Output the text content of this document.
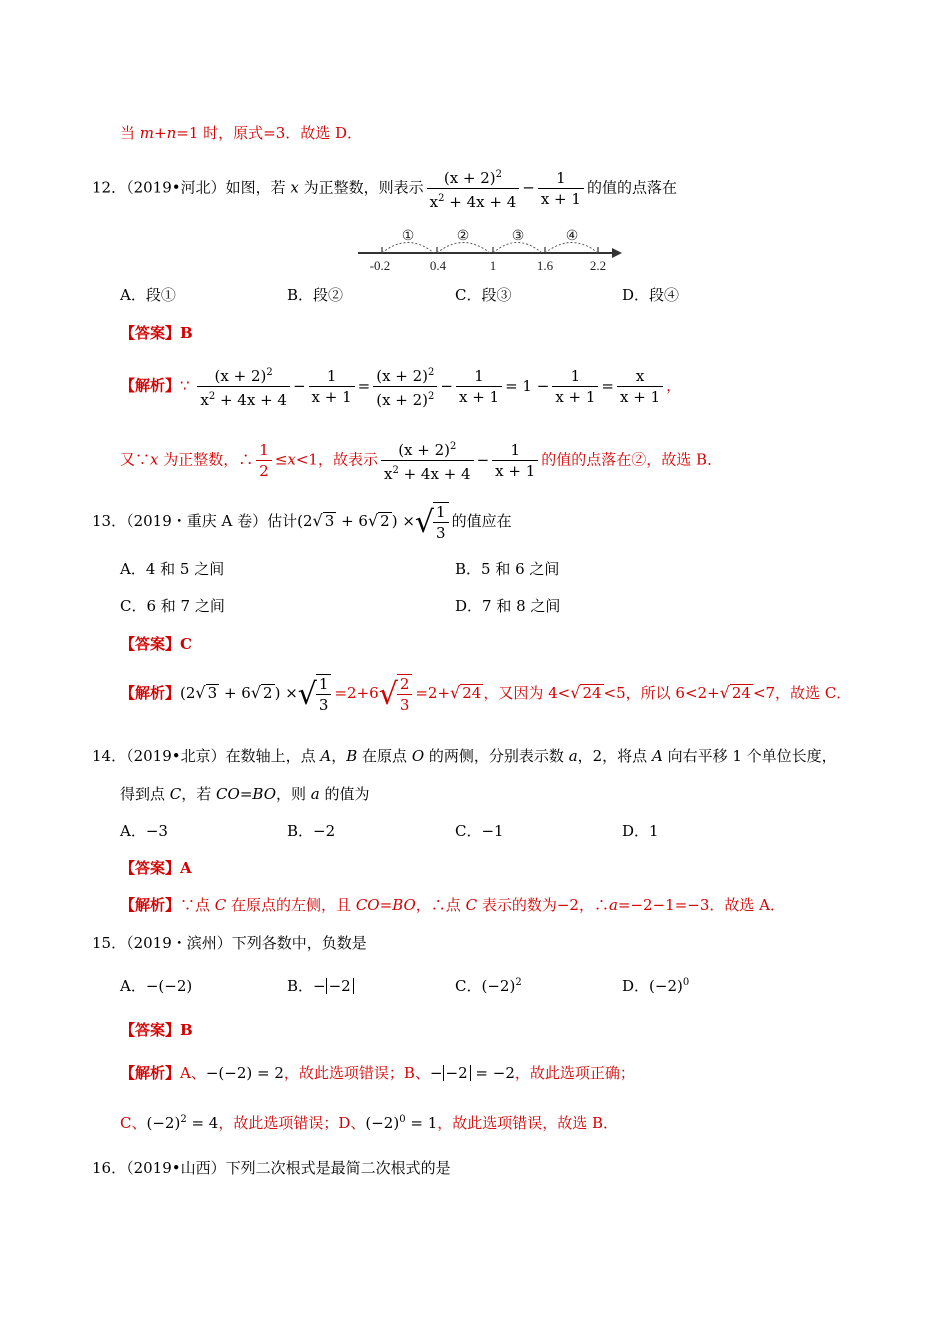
当 m+n=1 时，原式=3．故选 D．
12．（2019•河北）如图，若 x 为正整数，则表示 $\frac{(x + 2)^2}{x^2 + 4x + 4} - \frac{1}{x + 1}$ 的值的点落在
①	②	③	④
-0.2	0.4	1	1.6	2.2
A．段①	B．段②	C．段③	D．段④
【答案】B
【解析】∵ $\frac{(x + 2)^2}{x^2 + 4x + 4} - \frac{1}{x + 1} = \frac{(x + 2)^2}{(x + 2)^2} - \frac{1}{x + 1} = 1 - \frac{1}{x + 1} = \frac{x}{x + 1}$ ，
又∵x 为正整数，∴ $\frac{1}{2} \le x<1$，故表示 $\frac{(x + 2)^2}{x^2 + 4x + 4} - \frac{1}{x + 1}$ 的值的点落在②，故选 B．
13．（2019・重庆 A 卷）估计(2√ 3 + 6√ 2 ) ×√ $\frac{1}{3}$ 的值应在
A．4 和 5 之间	B．5 和 6 之间
C．6 和 7 之间	D．7 和 8 之间
【答案】C
【解析】(2√ 3 + 6√ 2 ) ×√ $\frac{1}{3} =2+6√ \frac{2}{3} =2+√$ 24 ，又因为 4<√ 24 <5，所以 6<2+√ 24 <7，故选 C．
14．（2019•北京）在数轴上，点 A，B 在原点 O 的两侧，分别表示数 a，2，将点 A 向右平移 1 个单位长度，
得到点 C，若 CO=BO，则 a 的值为
A．−3	B．−2	C．−1	D．1
【答案】A
【解析】∵点 C 在原点的左侧，且 CO=BO，∴点 C 表示的数为−2，∴a=−2−1=−3．故选 A．
15．（2019・滨州）下列各数中，负数是
A．−(−2)	B．− −2	C．$(-2)^2$	D．$(-2)^0$
【答案】B
【解析】A、−(−2) = 2，故此选项错误；B、− −2 = −2，故此选项正确；
C、$(-2)^2 = 4$，故此选项错误；D、$(-2)^0 = 1$，故此选项错误，故选 B．
16．（2019•山西）下列二次根式是最简二次根式的是
